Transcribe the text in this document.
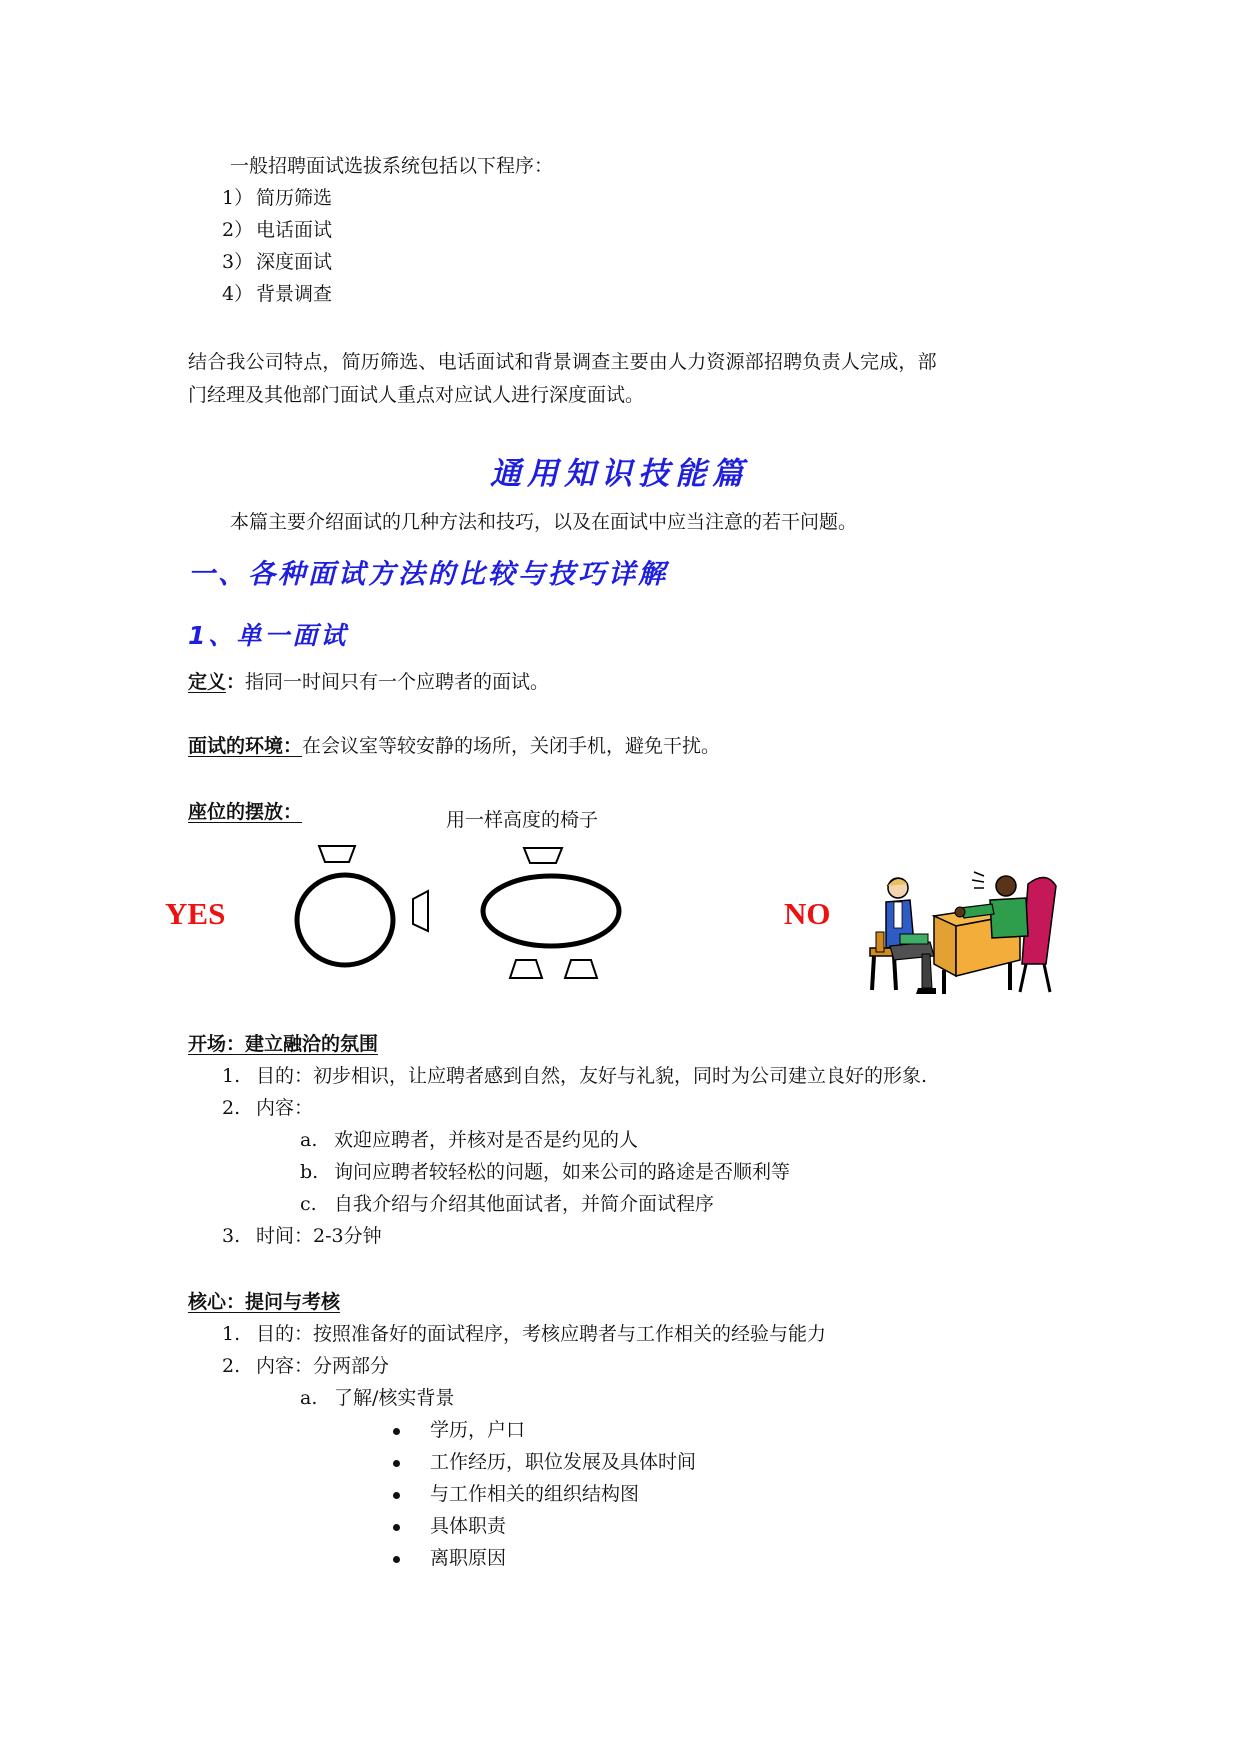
一般招聘面试选拔系统包括以下程序：
1） 简历筛选
2） 电话面试
3） 深度面试
4） 背景调查
结合我公司特点，简历筛选、电话面试和背景调查主要由人力资源部招聘负责人完成，部
门经理及其他部门面试人重点对应试人进行深度面试。
通用知识技能篇
本篇主要介绍面试的几种方法和技巧，以及在面试中应当注意的若干问题。
一、各种面试方法的比较与技巧详解
1、单一面试
定义：指同一时间只有一个应聘者的面试。
面试的环境：在会议室等较安静的场所，关闭手机，避免干扰。
座位的摆放：	用一样高度的椅子
YES	NO
开场：建立融洽的氛围
1. 目的：初步相识，让应聘者感到自然，友好与礼貌，同时为公司建立良好的形象.
2. 内容：
a. 欢迎应聘者，并核对是否是约见的人
b. 询问应聘者较轻松的问题，如来公司的路途是否顺利等
c. 自我介绍与介绍其他面试者，并简介面试程序
3. 时间：2-3分钟
核心：提问与考核
1. 目的：按照准备好的面试程序，考核应聘者与工作相关的经验与能力
2. 内容：分两部分
a. 了解/核实背景
学历，户口
工作经历，职位发展及具体时间
与工作相关的组织结构图
具体职责
离职原因
